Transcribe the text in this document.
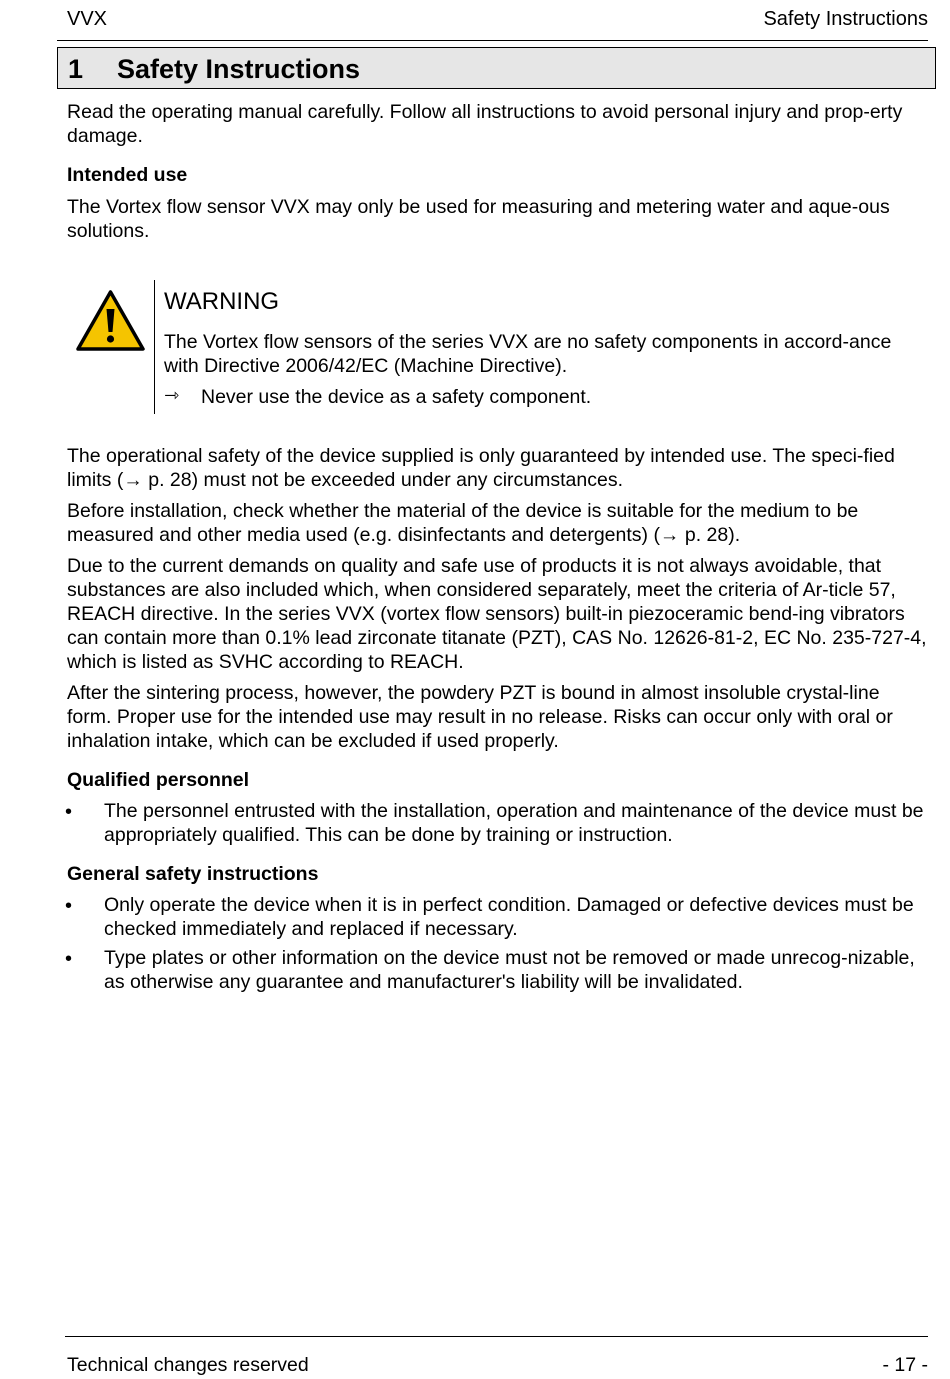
VVX	Safety Instructions
1 Safety Instructions
Read the operating manual carefully. Follow all instructions to avoid personal injury and prop-erty damage.
Intended use
The Vortex flow sensor VVX may only be used for measuring and metering water and aque-ous solutions.
WARNING
The Vortex flow sensors of the series VVX are no safety components in accord-ance with Directive 2006/42/EC (Machine Directive).
⇾ Never use the device as a safety component.
The operational safety of the device supplied is only guaranteed by intended use. The speci-fied limits (→ p. 28) must not be exceeded under any circumstances.
Before installation, check whether the material of the device is suitable for the medium to be measured and other media used (e.g. disinfectants and detergents) (→ p. 28).
Due to the current demands on quality and safe use of products it is not always avoidable, that substances are also included which, when considered separately, meet the criteria of Ar-ticle 57, REACH directive. In the series VVX (vortex flow sensors) built-in piezoceramic bend-ing vibrators can contain more than 0.1% lead zirconate titanate (PZT), CAS No. 12626-81-2, EC No. 235-727-4, which is listed as SVHC according to REACH.
After the sintering process, however, the powdery PZT is bound in almost insoluble crystal-line form. Proper use for the intended use may result in no release. Risks can occur only with oral or inhalation intake, which can be excluded if used properly.
Qualified personnel
• The personnel entrusted with the installation, operation and maintenance of the device must be appropriately qualified. This can be done by training or instruction.
General safety instructions
• Only operate the device when it is in perfect condition. Damaged or defective devices must be checked immediately and replaced if necessary.
• Type plates or other information on the device must not be removed or made unrecog-nizable, as otherwise any guarantee and manufacturer's liability will be invalidated.
Technical changes reserved	- 17 -
